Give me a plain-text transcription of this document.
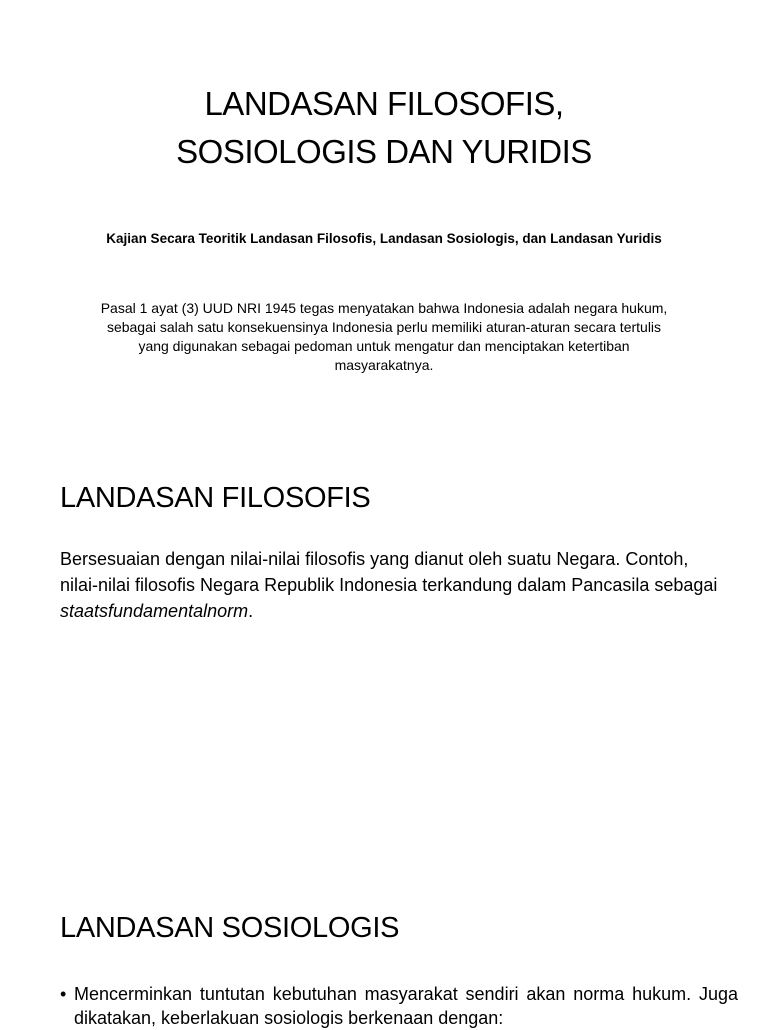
LANDASAN FILOSOFIS,
SOSIOLOGIS DAN YURIDIS
Kajian Secara Teoritik Landasan Filosofis, Landasan Sosiologis, dan Landasan Yuridis
Pasal 1 ayat (3) UUD NRI 1945 tegas menyatakan bahwa Indonesia adalah negara hukum, sebagai salah satu konsekuensinya Indonesia perlu memiliki aturan-aturan secara tertulis yang digunakan sebagai pedoman untuk mengatur dan menciptakan ketertiban masyarakatnya.
LANDASAN FILOSOFIS

Bersesuaian dengan nilai-nilai filosofis yang dianut oleh suatu Negara. Contoh, nilai-nilai filosofis Negara Republik Indonesia terkandung dalam Pancasila sebagai staatsfundamentalnorm.

LANDASAN SOSIOLOGIS
• Mencerminkan tuntutan kebutuhan masyarakat sendiri akan norma hukum. Juga dikatakan, keberlakuan sosiologis berkenaan dengan:
